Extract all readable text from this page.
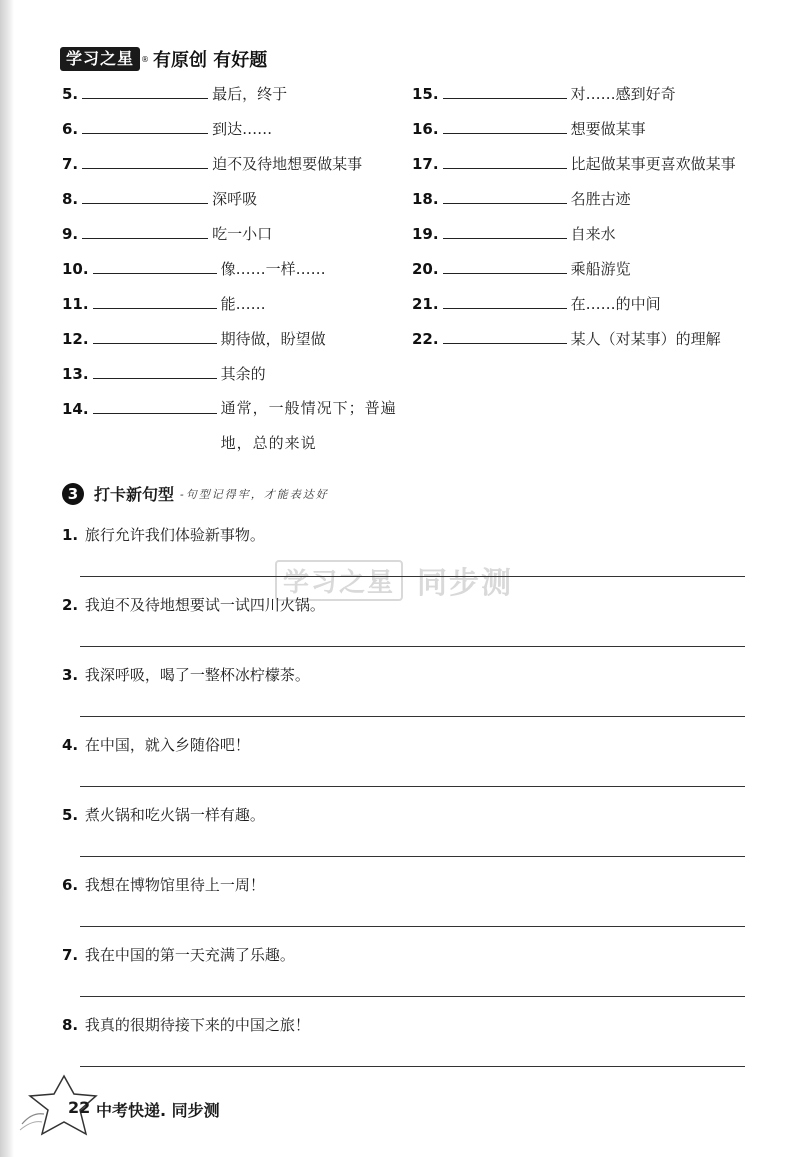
学习之星 ® 有原创 有好题
5.	最后，终于
6.	到达……
7.	迫不及待地想要做某事
8.	深呼吸
9.	吃一小口
10.	像……一样……
11.	能……
12.	期待做，盼望做
13.	其余的
14.	通常，一般情况下；普遍地，总的来说
15.	对……感到好奇
16.	想要做某事
17.	比起做某事更喜欢做某事
18.	名胜古迹
19.	自来水
20.	乘船游览
21.	在……的中间
22.	某人（对某事）的理解
3 打卡新句型 -句型记得牢，才能表达好
学习之星 同步测
1. 旅行允许我们体验新事物。
2. 我迫不及待地想要试一试四川火锅。
3. 我深呼吸，喝了一整杯冰柠檬茶。
4. 在中国，就入乡随俗吧！
5. 煮火锅和吃火锅一样有趣。
6. 我想在博物馆里待上一周！
7. 我在中国的第一天充满了乐趣。
8. 我真的很期待接下来的中国之旅！
22 中考快递. 同步测
